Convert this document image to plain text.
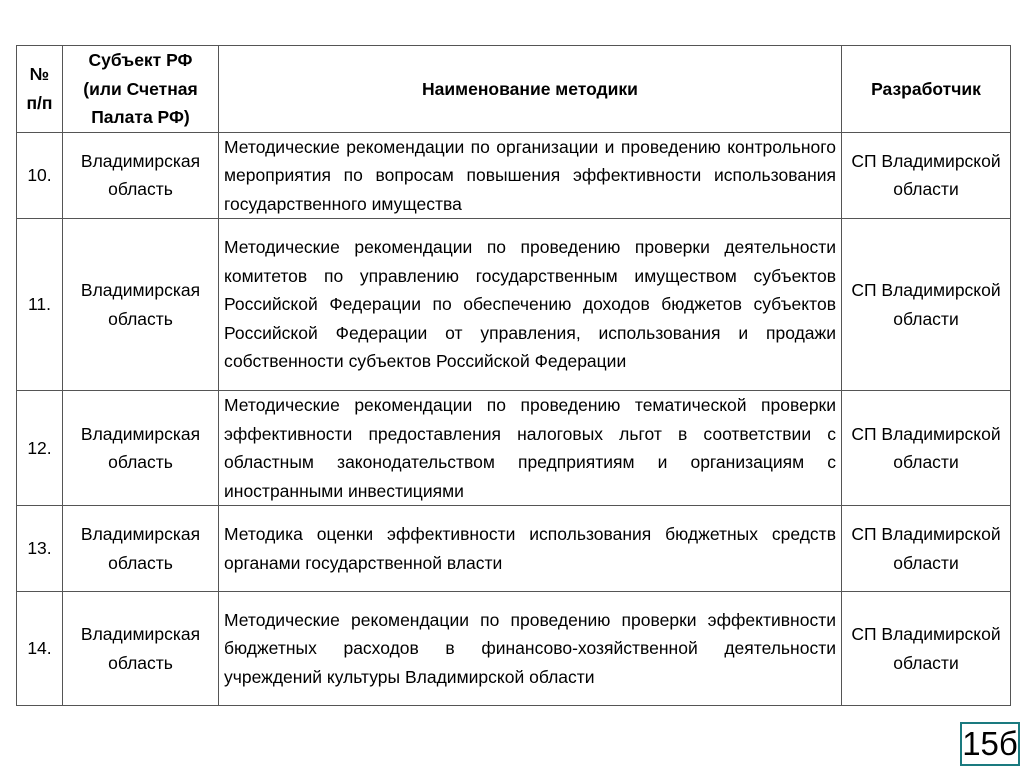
№ п/п	Субъект РФ (или Счетная Палата РФ)	Наименование методики	Разработчик
10.	Владимирская область	Методические рекомендации по организации и проведению контрольного мероприятия по вопросам повышения эффективности использования государственного имущества	СП Владимирской области
11.	Владимирская область	Методические рекомендации по проведению проверки деятельности комитетов по управлению государственным имуществом субъектов Российской Федерации по обеспечению доходов бюджетов субъектов Российской Федерации от управления, использования и продажи собственности субъектов Российской Федерации	СП Владимирской области
12.	Владимирская область	Методические рекомендации по проведению тематической проверки эффективности предоставления налоговых льгот в соответствии с областным законодательством предприятиям и организациям с иностранными инвестициями	СП Владимирской области
13.	Владимирская область	Методика оценки эффективности использования бюджетных средств органами государственной власти	СП Владимирской области
14.	Владимирская область	Методические рекомендации по проведению проверки эффективности бюджетных расходов в финансово-хозяйственной деятельности учреждений культуры Владимирской области	СП Владимирской области
15б
